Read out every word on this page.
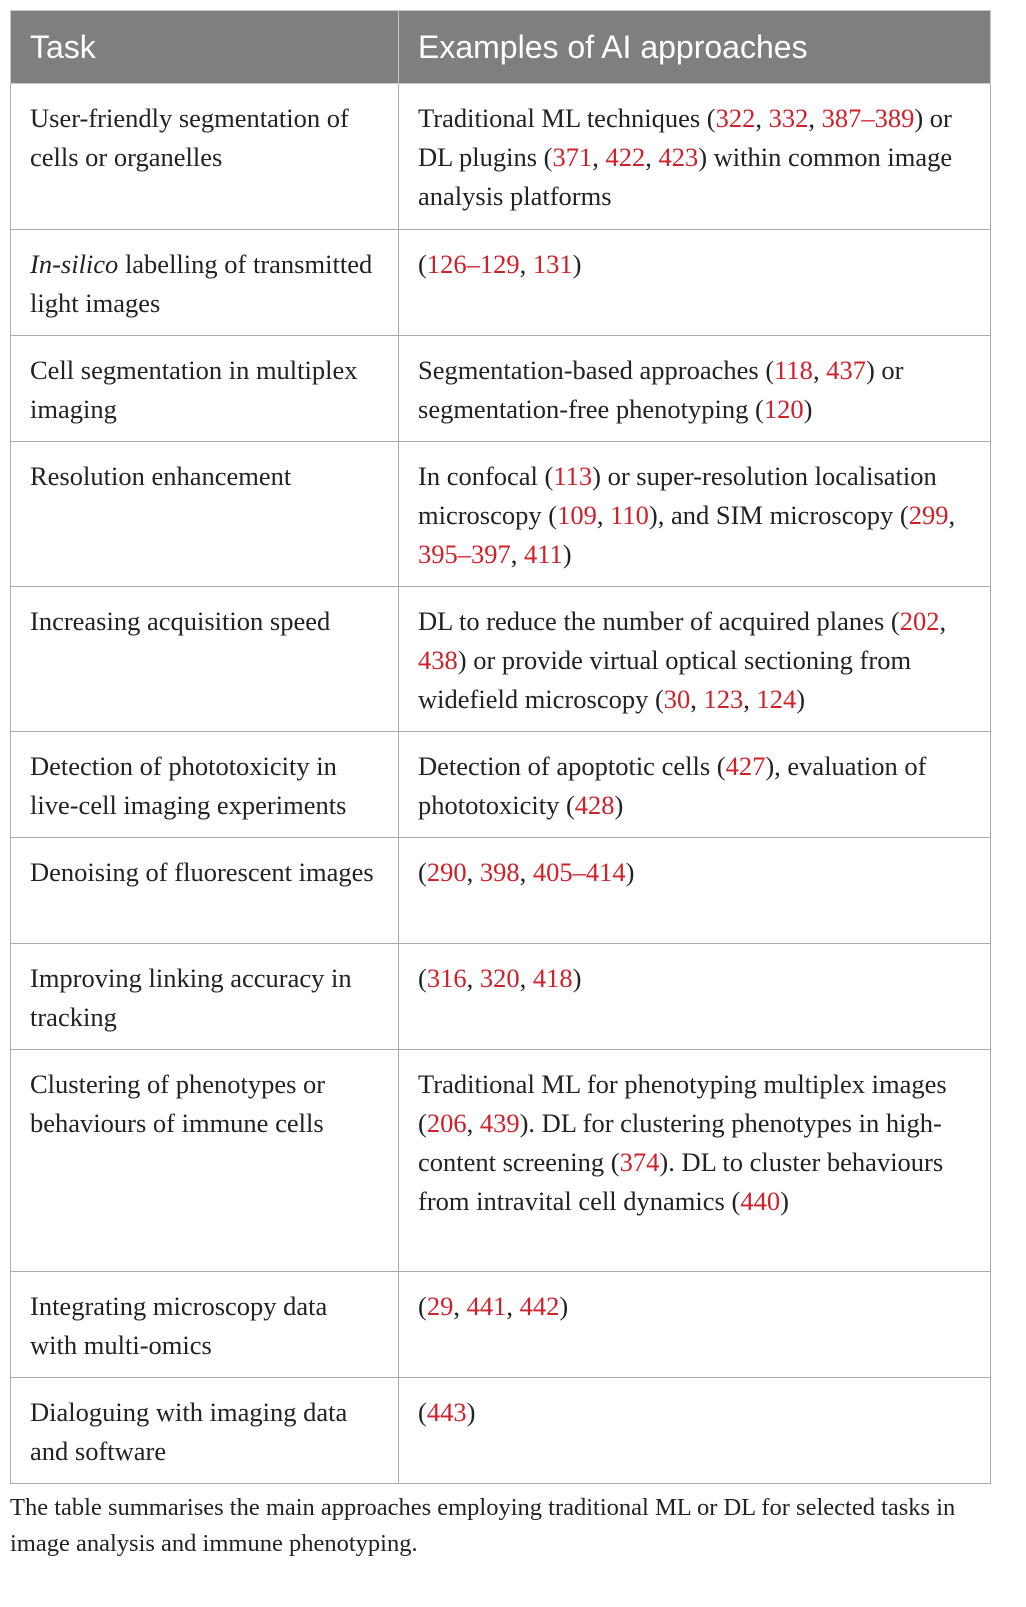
Task	Examples of AI approaches
User-friendly segmentation of cells or organelles	Traditional ML techniques (322, 332, 387–389) or DL plugins (371, 422, 423) within common image analysis platforms
In-silico labelling of transmitted light images	(126–129, 131)
Cell segmentation in multiplex imaging	Segmentation-based approaches (118, 437) or segmentation-free phenotyping (120)
Resolution enhancement	In confocal (113) or super-resolution localisation microscopy (109, 110), and SIM microscopy (299, 395–397, 411)
Increasing acquisition speed	DL to reduce the number of acquired planes (202, 438) or provide virtual optical sectioning from widefield microscopy (30, 123, 124)
Detection of phototoxicity in live-cell imaging experiments	Detection of apoptotic cells (427), evaluation of phototoxicity (428)
Denoising of fluorescent images	(290, 398, 405–414)
Improving linking accuracy in tracking	(316, 320, 418)
Clustering of phenotypes or behaviours of immune cells	Traditional ML for phenotyping multiplex images (206, 439). DL for clustering phenotypes in high-content screening (374). DL to cluster behaviours from intravital cell dynamics (440)
Integrating microscopy data with multi-omics	(29, 441, 442)
Dialoguing with imaging data and software	(443)
The table summarises the main approaches employing traditional ML or DL for selected tasks in image analysis and immune phenotyping.
